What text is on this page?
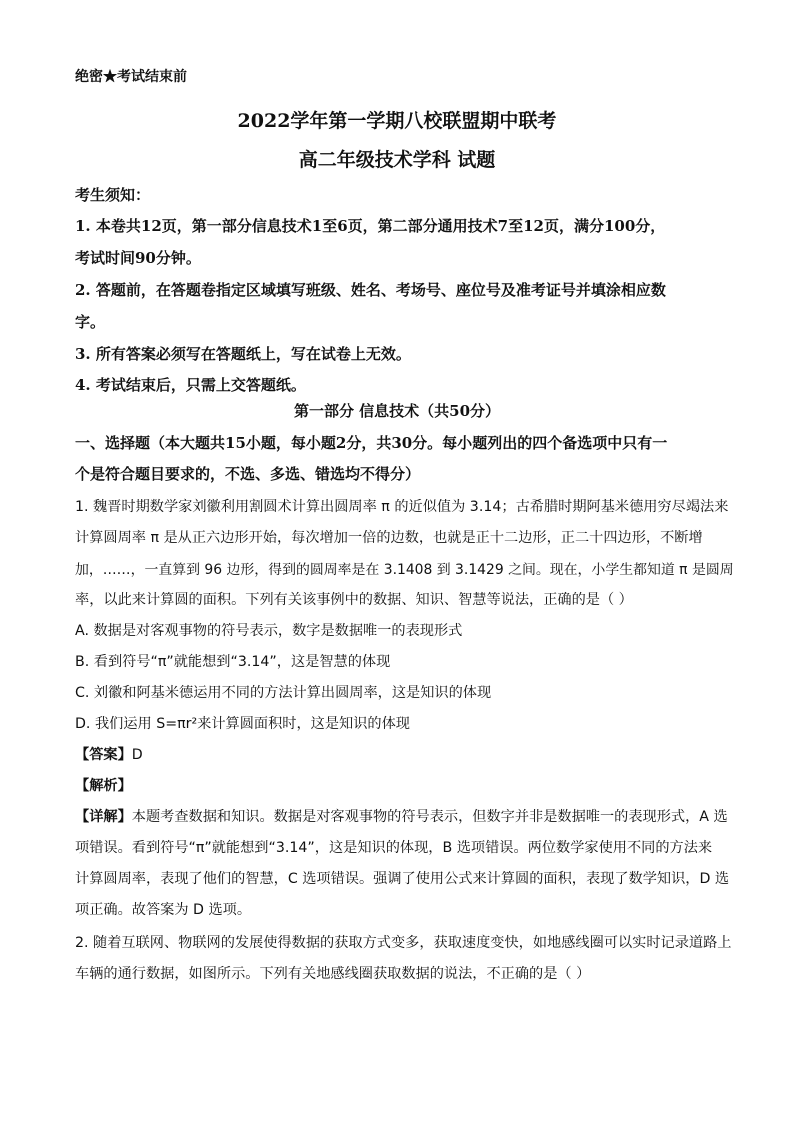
绝密★考试结束前
2022学年第一学期八校联盟期中联考
高二年级技术学科 试题
考生须知：
1. 本卷共12页，第一部分信息技术1至6页，第二部分通用技术7至12页，满分100分，
考试时间90分钟。
2. 答题前，在答题卷指定区域填写班级、姓名、考场号、座位号及准考证号并填涂相应数
字。
3. 所有答案必须写在答题纸上，写在试卷上无效。
4. 考试结束后，只需上交答题纸。
第一部分 信息技术（共50分）
一、选择题（本大题共15小题，每小题2分，共30分。每小题列出的四个备选项中只有一
个是符合题目要求的，不选、多选、错选均不得分）
1. 魏晋时期数学家刘徽利用割圆术计算出圆周率 π 的近似值为 3.14；古希腊时期阿基米德用穷尽竭法来
计算圆周率 π 是从正六边形开始，每次增加一倍的边数，也就是正十二边形，正二十四边形，不断增
加，……，一直算到 96 边形，得到的圆周率是在 3.1408 到 3.1429 之间。现在，小学生都知道 π 是圆周
率，以此来计算圆的面积。下列有关该事例中的数据、知识、智慧等说法，正确的是（ ）
A. 数据是对客观事物的符号表示，数字是数据唯一的表现形式
B. 看到符号“π”就能想到“3.14”，这是智慧的体现
C. 刘徽和阿基米德运用不同的方法计算出圆周率，这是知识的体现
D. 我们运用 S=πr²来计算圆面积时，这是知识的体现
【答案】D
【解析】
【详解】本题考查数据和知识。数据是对客观事物的符号表示，但数字并非是数据唯一的表现形式，A 选
项错误。看到符号“π”就能想到“3.14”，这是知识的体现，B 选项错误。两位数学家使用不同的方法来
计算圆周率，表现了他们的智慧，C 选项错误。强调了使用公式来计算圆的面积，表现了数学知识，D 选
项正确。故答案为 D 选项。
2. 随着互联网、物联网的发展使得数据的获取方式变多，获取速度变快，如地感线圈可以实时记录道路上
车辆的通行数据，如图所示。下列有关地感线圈获取数据的说法，不正确的是（ ）
